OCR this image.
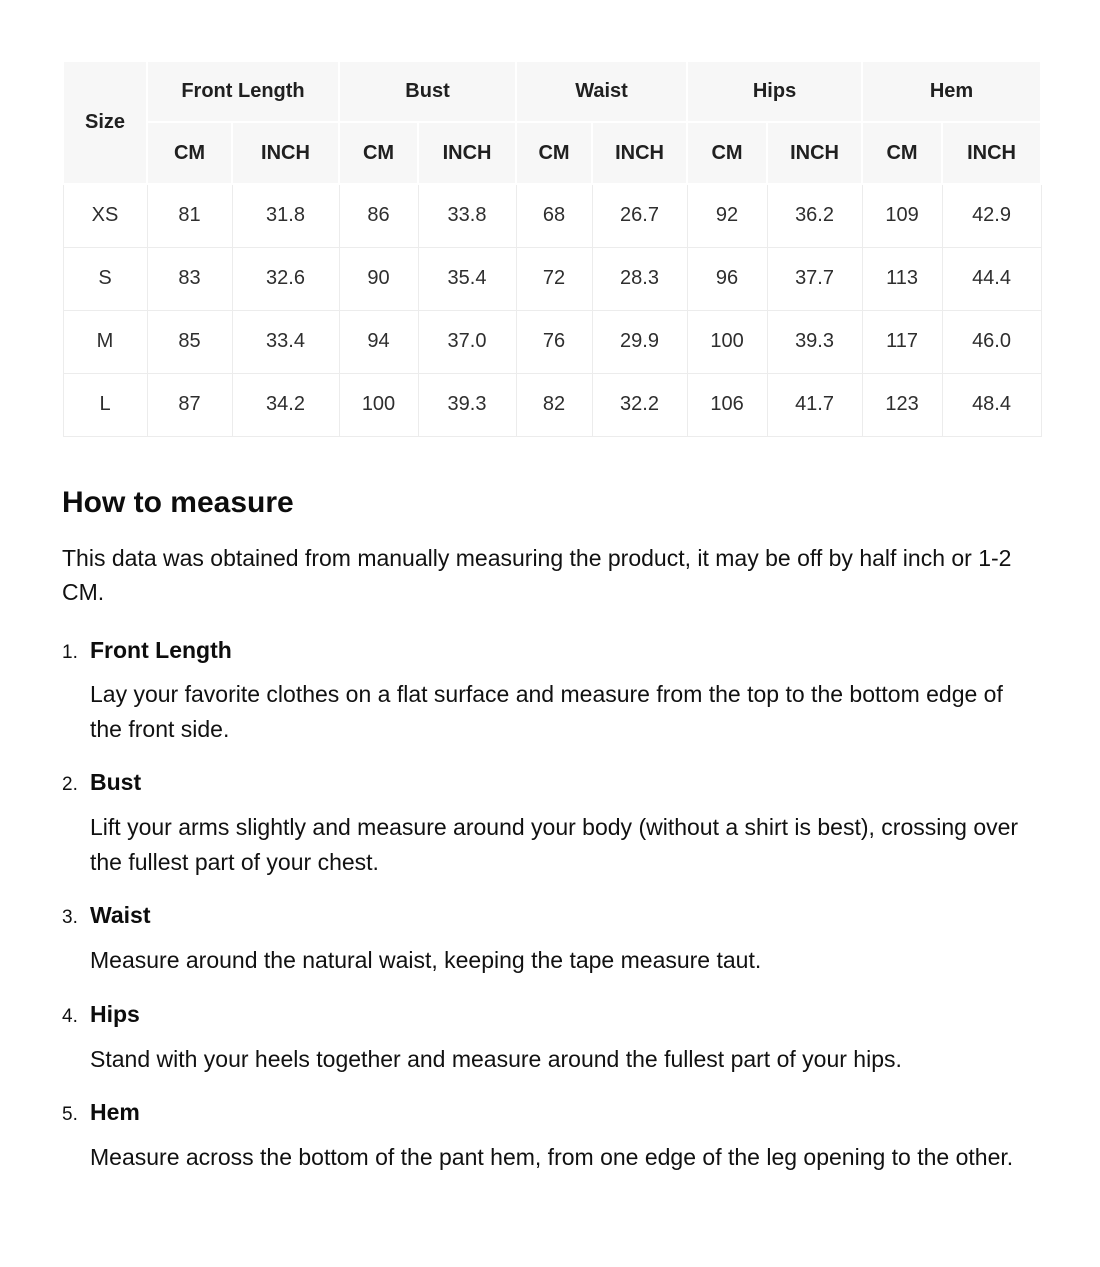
Size	Front Length		Bust		Waist		Hips		Hem	
	CM	INCH	CM	INCH	CM	INCH	CM	INCH	CM	INCH
XS	81	31.8	86	33.8	68	26.7	92	36.2	109	42.9
S	83	32.6	90	35.4	72	28.3	96	37.7	113	44.4
M	85	33.4	94	37.0	76	29.9	100	39.3	117	46.0
L	87	34.2	100	39.3	82	32.2	106	41.7	123	48.4
How to measure

This data was obtained from manually measuring the product, it may be off by half inch or 1-2 CM.

1. Front Length

Lay your favorite clothes on a flat surface and measure from the top to the bottom edge of the front side.

2. Bust

Lift your arms slightly and measure around your body (without a shirt is best), crossing over the fullest part of your chest.

3. Waist

Measure around the natural waist, keeping the tape measure taut.

4. Hips

Stand with your heels together and measure around the fullest part of your hips.

5. Hem

Measure across the bottom of the pant hem, from one edge of the leg opening to the other.
